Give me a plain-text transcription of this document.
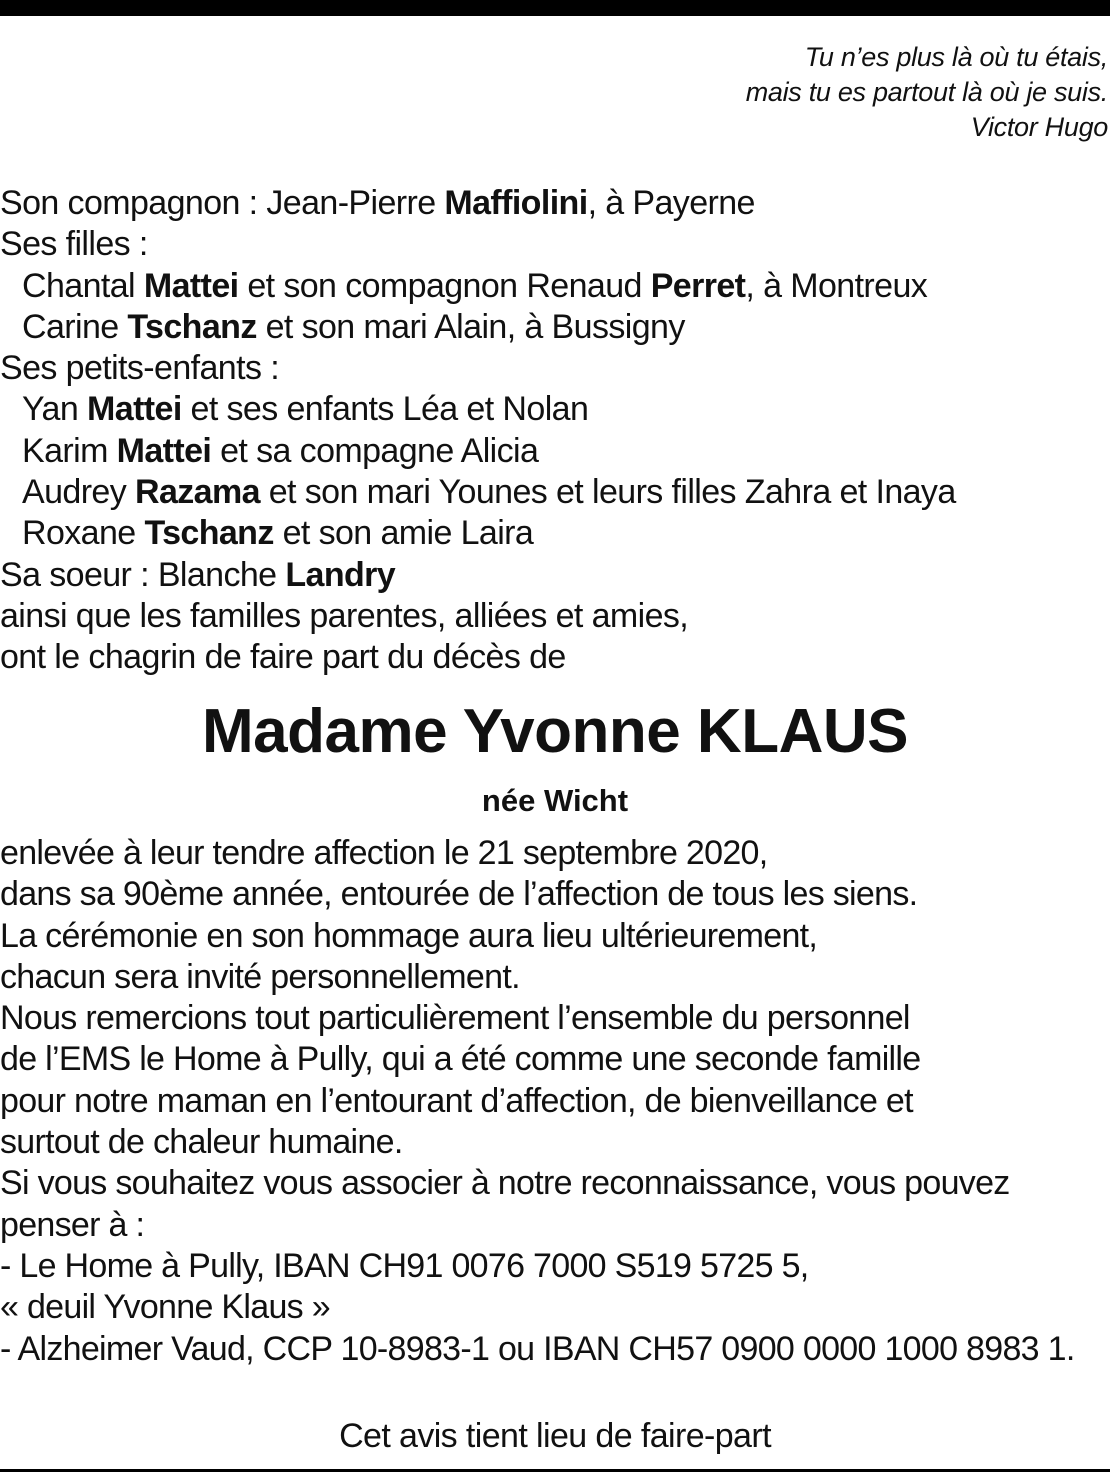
Tu n’es plus là où tu étais,
mais tu es partout là où je suis.
Victor Hugo
Son compagnon : Jean-Pierre Maffiolini, à Payerne
Ses filles :
Chantal Mattei et son compagnon Renaud Perret, à Montreux
Carine Tschanz et son mari Alain, à Bussigny
Ses petits-enfants :
Yan Mattei et ses enfants Léa et Nolan
Karim Mattei et sa compagne Alicia
Audrey Razama et son mari Younes et leurs filles Zahra et Inaya
Roxane Tschanz et son amie Laira
Sa soeur : Blanche Landry
ainsi que les familles parentes, alliées et amies,
ont le chagrin de faire part du décès de
Madame Yvonne KLAUS
née Wicht
enlevée à leur tendre affection le 21 septembre 2020,
dans sa 90ème année, entourée de l’affection de tous les siens.
La cérémonie en son hommage aura lieu ultérieurement,
chacun sera invité personnellement.
Nous remercions tout particulièrement l’ensemble du personnel
de l’EMS le Home à Pully, qui a été comme une seconde famille
pour notre maman en l’entourant d’affection, de bienveillance et
surtout de chaleur humaine.
Si vous souhaitez vous associer à notre reconnaissance, vous pouvez
penser à :
- Le Home à Pully, IBAN CH91 0076 7000 S519 5725 5,
« deuil Yvonne Klaus »
- Alzheimer Vaud, CCP 10-8983-1 ou IBAN CH57 0900 0000 1000 8983 1.
Cet avis tient lieu de faire-part
